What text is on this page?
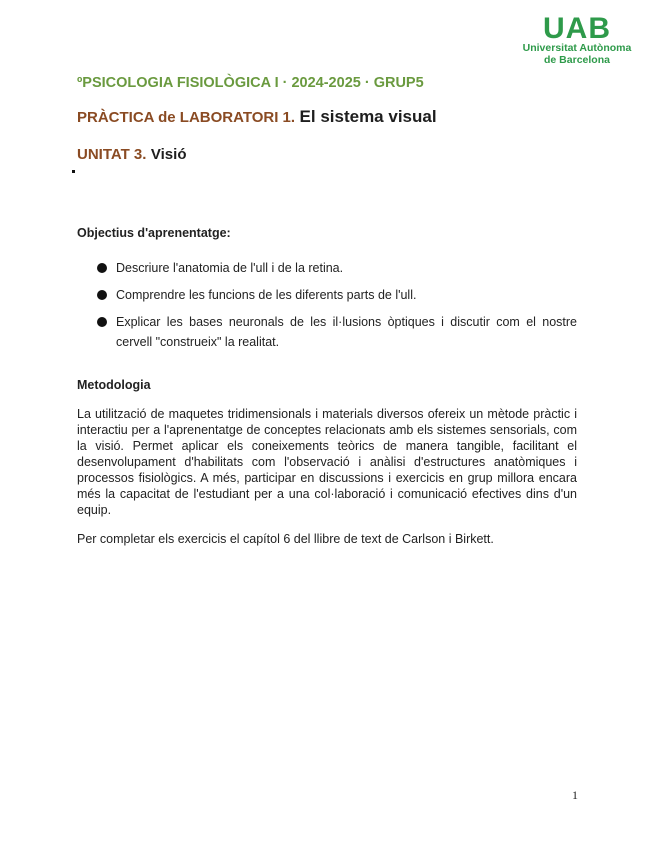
UAB
Universitat Autònoma
de Barcelona
ºPSICOLOGIA FISIOLÒGICA I · 2024-2025 · GRUP5
PRÀCTICA de LABORATORI 1. El sistema visual
UNITAT 3. Visió
Objectius d'aprenentatge:
Descriure l'anatomia de l'ull i de la retina.
Comprendre les funcions de les diferents parts de l'ull.
Explicar les bases neuronals de les il·lusions òptiques i discutir com el nostre cervell "construeix" la realitat.
Metodologia

La utilització de maquetes tridimensionals i materials diversos ofereix un mètode pràctic i interactiu per a l'aprenentatge de conceptes relacionats amb els sistemes sensorials, com la visió. Permet aplicar els coneixements teòrics de manera tangible, facilitant el desenvolupament d'habilitats com l'observació i anàlisi d'estructures anatòmiques i processos fisiològics. A més, participar en discussions i exercicis en grup millora encara més la capacitat de l'estudiant per a una col·laboració i comunicació efectives dins d'un equip.

Per completar els exercicis el capítol 6 del llibre de text de Carlson i Birkett.

1
